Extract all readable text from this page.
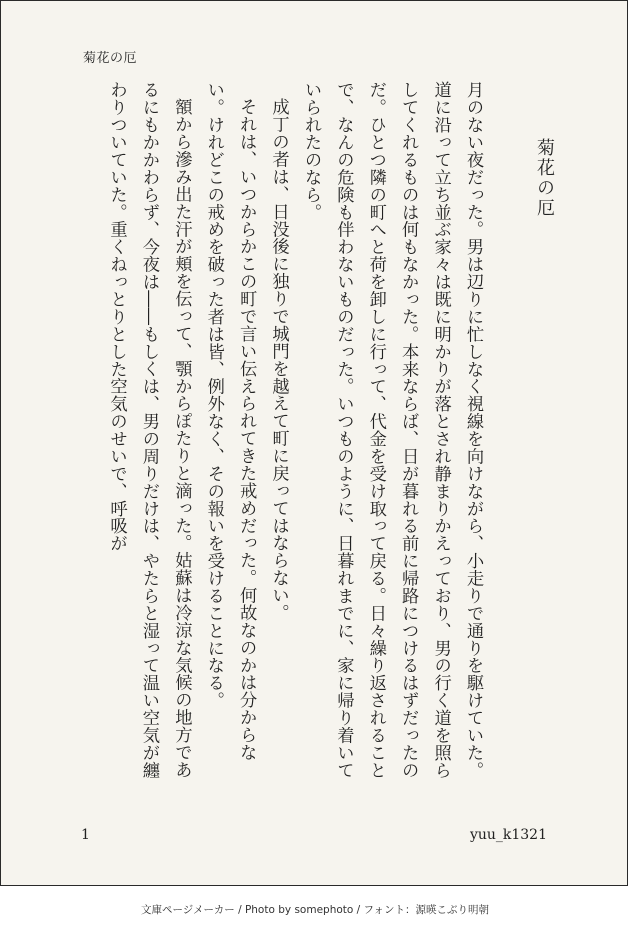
菊花の厄
菊花の厄

月のない夜だった。男は辺りに忙しなく視線を向けながら、小走りで通りを駆けていた。道に沿って立ち並ぶ家々は既に明かりが落とされ静まりかえっており、男の行く道を照らしてくれるものは何もなかった。本来ならば、日が暮れる前に帰路につけるはずだったのだ。ひとつ隣の町へと荷を卸しに行って、代金を受け取って戻る。日々繰り返されることで、なんの危険も伴わないものだった。いつものように、日暮れまでに、家に帰り着いていられたのなら。

成丁の者は、日没後に独りで城門を越えて町に戻ってはならない。

それは、いつからかこの町で言い伝えられてきた戒めだった。何故なのかは分からない。けれどこの戒めを破った者は皆、例外なく、その報いを受けることになる。

額から滲み出た汗が頬を伝って、顎からぽたりと滴った。姑蘇は冷涼な気候の地方であるにもかかわらず、今夜は――もしくは、男の周りだけは、やたらと湿って温い空気が纏わりついていた。重くねっとりとした空気のせいで、呼吸が

1	yuu_k1321
文庫ページメーカー / Photo by somephoto / フォント：源暎こぶり明朝
